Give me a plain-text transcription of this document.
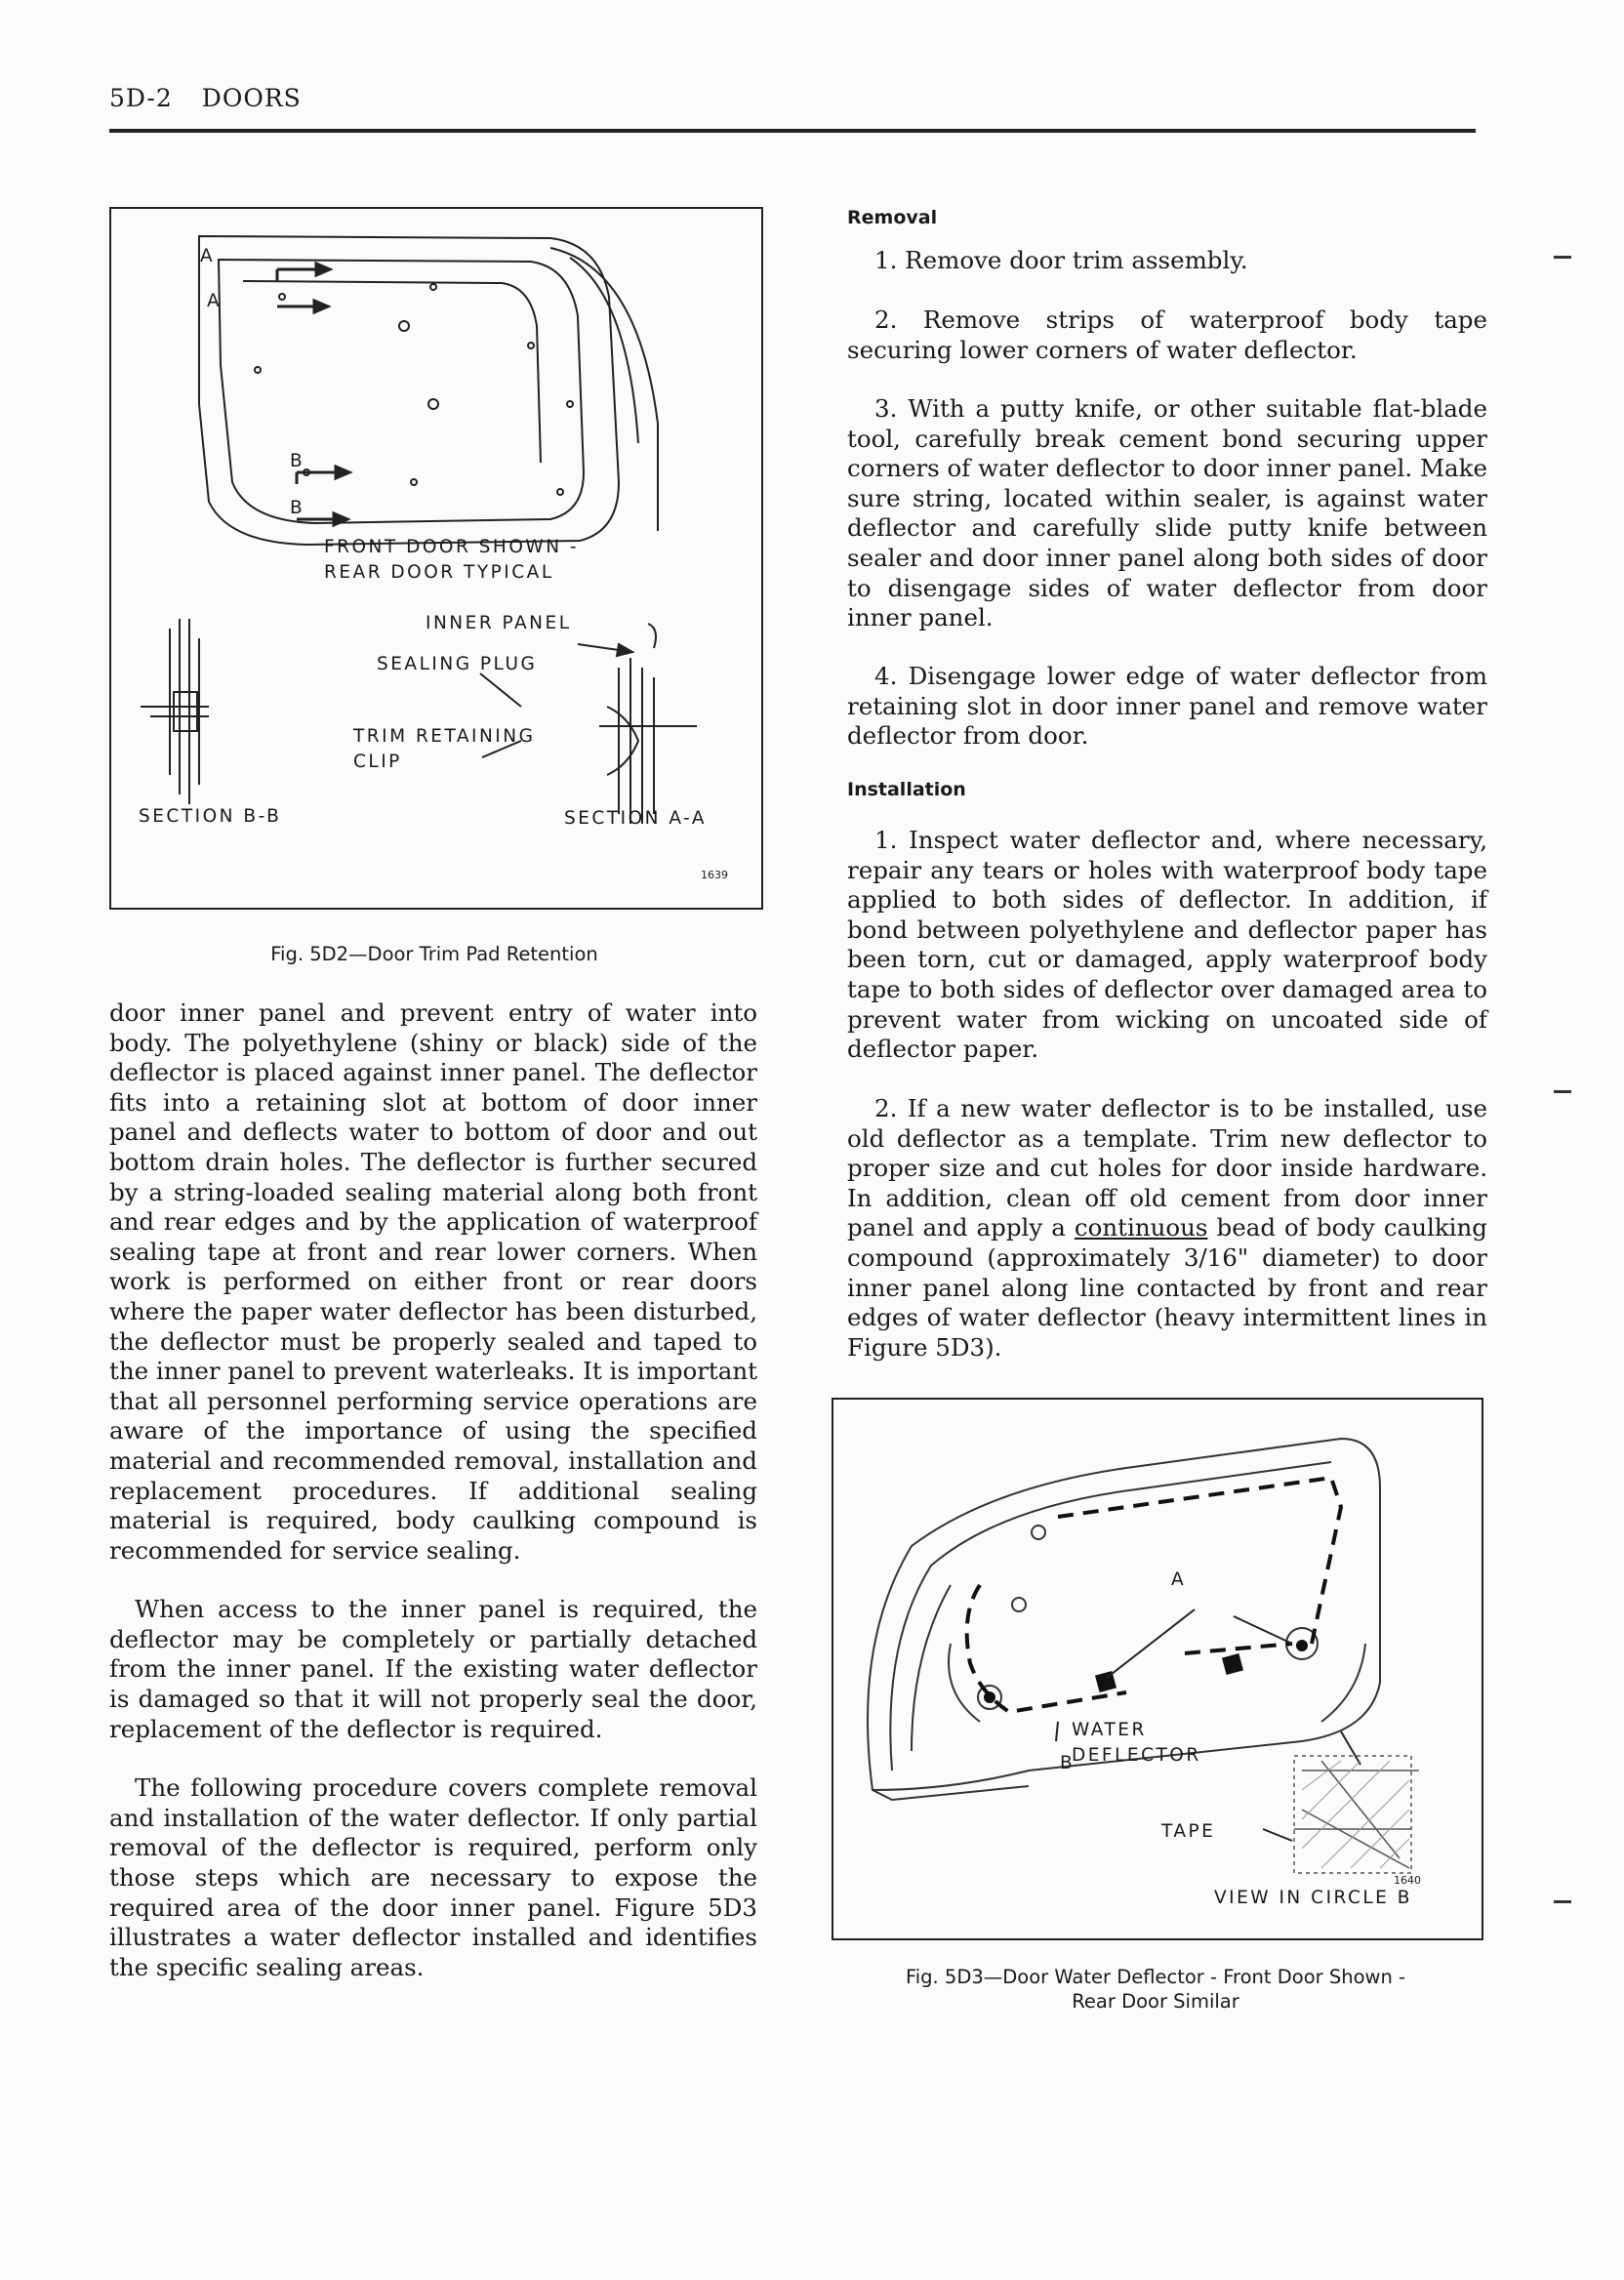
5D-2 DOORS
A
A
B
B
FRONT DOOR SHOWN -
REAR DOOR TYPICAL
INNER PANEL
SEALING PLUG
TRIM RETAINING
CLIP
SECTION B-B	SECTION A-A
1639
Fig. 5D2—Door Trim Pad Retention

door inner panel and prevent entry of water into body. The polyethylene (shiny or black) side of the deflector is placed against inner panel. The deflector fits into a retaining slot at bottom of door inner panel and deflects water to bottom of door and out bottom drain holes. The deflector is further secured by a string-loaded sealing material along both front and rear edges and by the application of waterproof sealing tape at front and rear lower corners. When work is performed on either front or rear doors where the paper water deflector has been disturbed, the deflector must be properly sealed and taped to the inner panel to prevent waterleaks. It is important that all personnel performing service operations are aware of the importance of using the specified material and recommended removal, installation and replacement procedures. If additional sealing material is required, body caulking compound is recommended for service sealing.

When access to the inner panel is required, the deflector may be completely or partially detached from the inner panel. If the existing water deflector is damaged so that it will not properly seal the door, replacement of the deflector is required.

The following procedure covers complete removal and installation of the water deflector. If only partial removal of the deflector is required, perform only those steps which are necessary to expose the required area of the door inner panel. Figure 5D3 illustrates a water deflector installed and identifies the specific sealing areas.

Removal
1. Remove door trim assembly.
2. Remove strips of waterproof body tape securing lower corners of water deflector.
3. With a putty knife, or other suitable flat-blade tool, carefully break cement bond securing upper corners of water deflector to door inner panel. Make sure string, located within sealer, is against water deflector and carefully slide putty knife between sealer and door inner panel along both sides of door to disengage sides of water deflector from door inner panel.
4. Disengage lower edge of water deflector from retaining slot in door inner panel and remove water deflector from door.
Installation
1. Inspect water deflector and, where necessary, repair any tears or holes with waterproof body tape applied to both sides of deflector. In addition, if bond between polyethylene and deflector paper has been torn, cut or damaged, apply waterproof body tape to both sides of deflector over damaged area to prevent water from wicking on uncoated side of deflector paper.
2. If a new water deflector is to be installed, use old deflector as a template. Trim new deflector to proper size and cut holes for door inside hardware. In addition, clean off old cement from door inner panel and apply a continuous bead of body caulking compound (approximately 3/16" diameter) to door inner panel along line contacted by front and rear edges of water deflector (heavy intermittent lines in Figure 5D3).
A
B
WATER
DEFLECTOR
TAPE
1640
VIEW IN CIRCLE B
Fig. 5D3—Door Water Deflector - Front Door Shown -
Rear Door Similar
